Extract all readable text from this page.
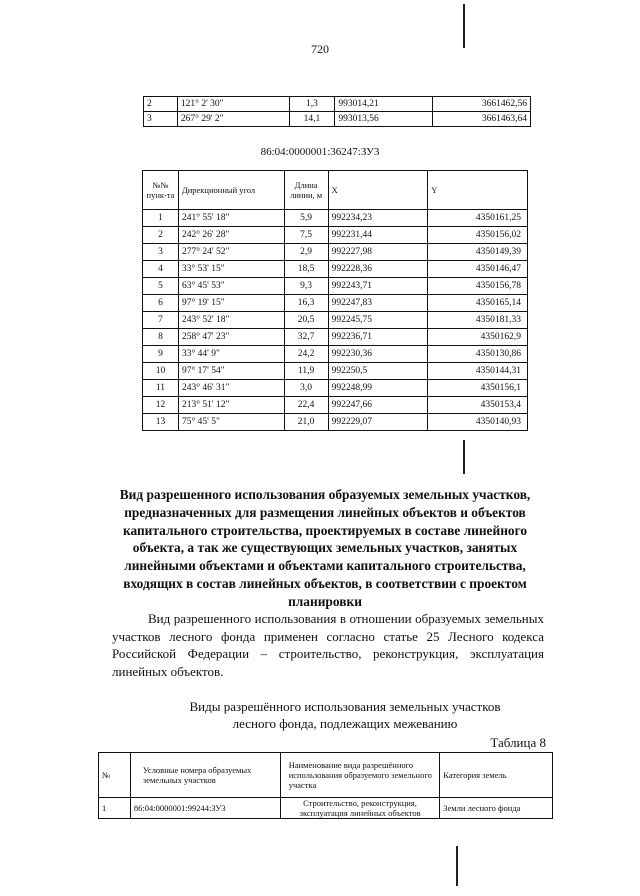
720
2	121° 2' 30"	1,3	993014,21	3661462,56
3	267° 29' 2"	14,1	993013,56	3661463,64
86:04:0000001:36247:ЗУ3
№№ пунк-та	Дирекционный угол	Длина линии, м	X	Y
1	241° 55' 18"	5,9	992234,23	4350161,25
2	242° 26' 28"	7,5	992231,44	4350156,02
3	277° 24' 52"	2,9	992227,98	4350149,39
4	33° 53' 15"	18,5	992228,36	4350146,47
5	63° 45' 53"	9,3	992243,71	4350156,78
6	97° 19' 15"	16,3	992247,83	4350165,14
7	243° 52' 18"	20,5	992245,75	4350181,33
8	258° 47' 23"	32,7	992236,71	4350162,9
9	33° 44' 9"	24,2	992230,36	4350130,86
10	97° 17' 54"	11,9	992250,5	4350144,31
11	243° 46' 31"	3,0	992248,99	4350156,1
12	213° 51' 12"	22,4	992247,66	4350153,4
13	75° 45' 5"	21,0	992229,07	4350140,93
Вид разрешенного использования образуемых земельных участков, предназначенных для размещения линейных объектов и объектов капитального строительства, проектируемых в составе линейного объекта, а так же существующих земельных участков, занятых линейными объектами и объектами капитального строительства, входящих в состав линейных объектов, в соответствии с проектом планировки
Вид разрешенного использования в отношении образуемых земельных участков лесного фонда применен согласно статье 25 Лесного кодекса Российской Федерации – строительство, реконструкция, эксплуатация линейных объектов.
Виды разрешённого использования земельных участков
лесного фонда, подлежащих межеванию
Таблица 8
№	Условные номера образуемых земельных участков	Наименование вида разрешённого использования образуемого земельного участка	Категория земель
1	86:04:0000001:99244:ЗУ3	Строительство, реконструкция, эксплуатация линейных объектов	Земли лесного фонда
